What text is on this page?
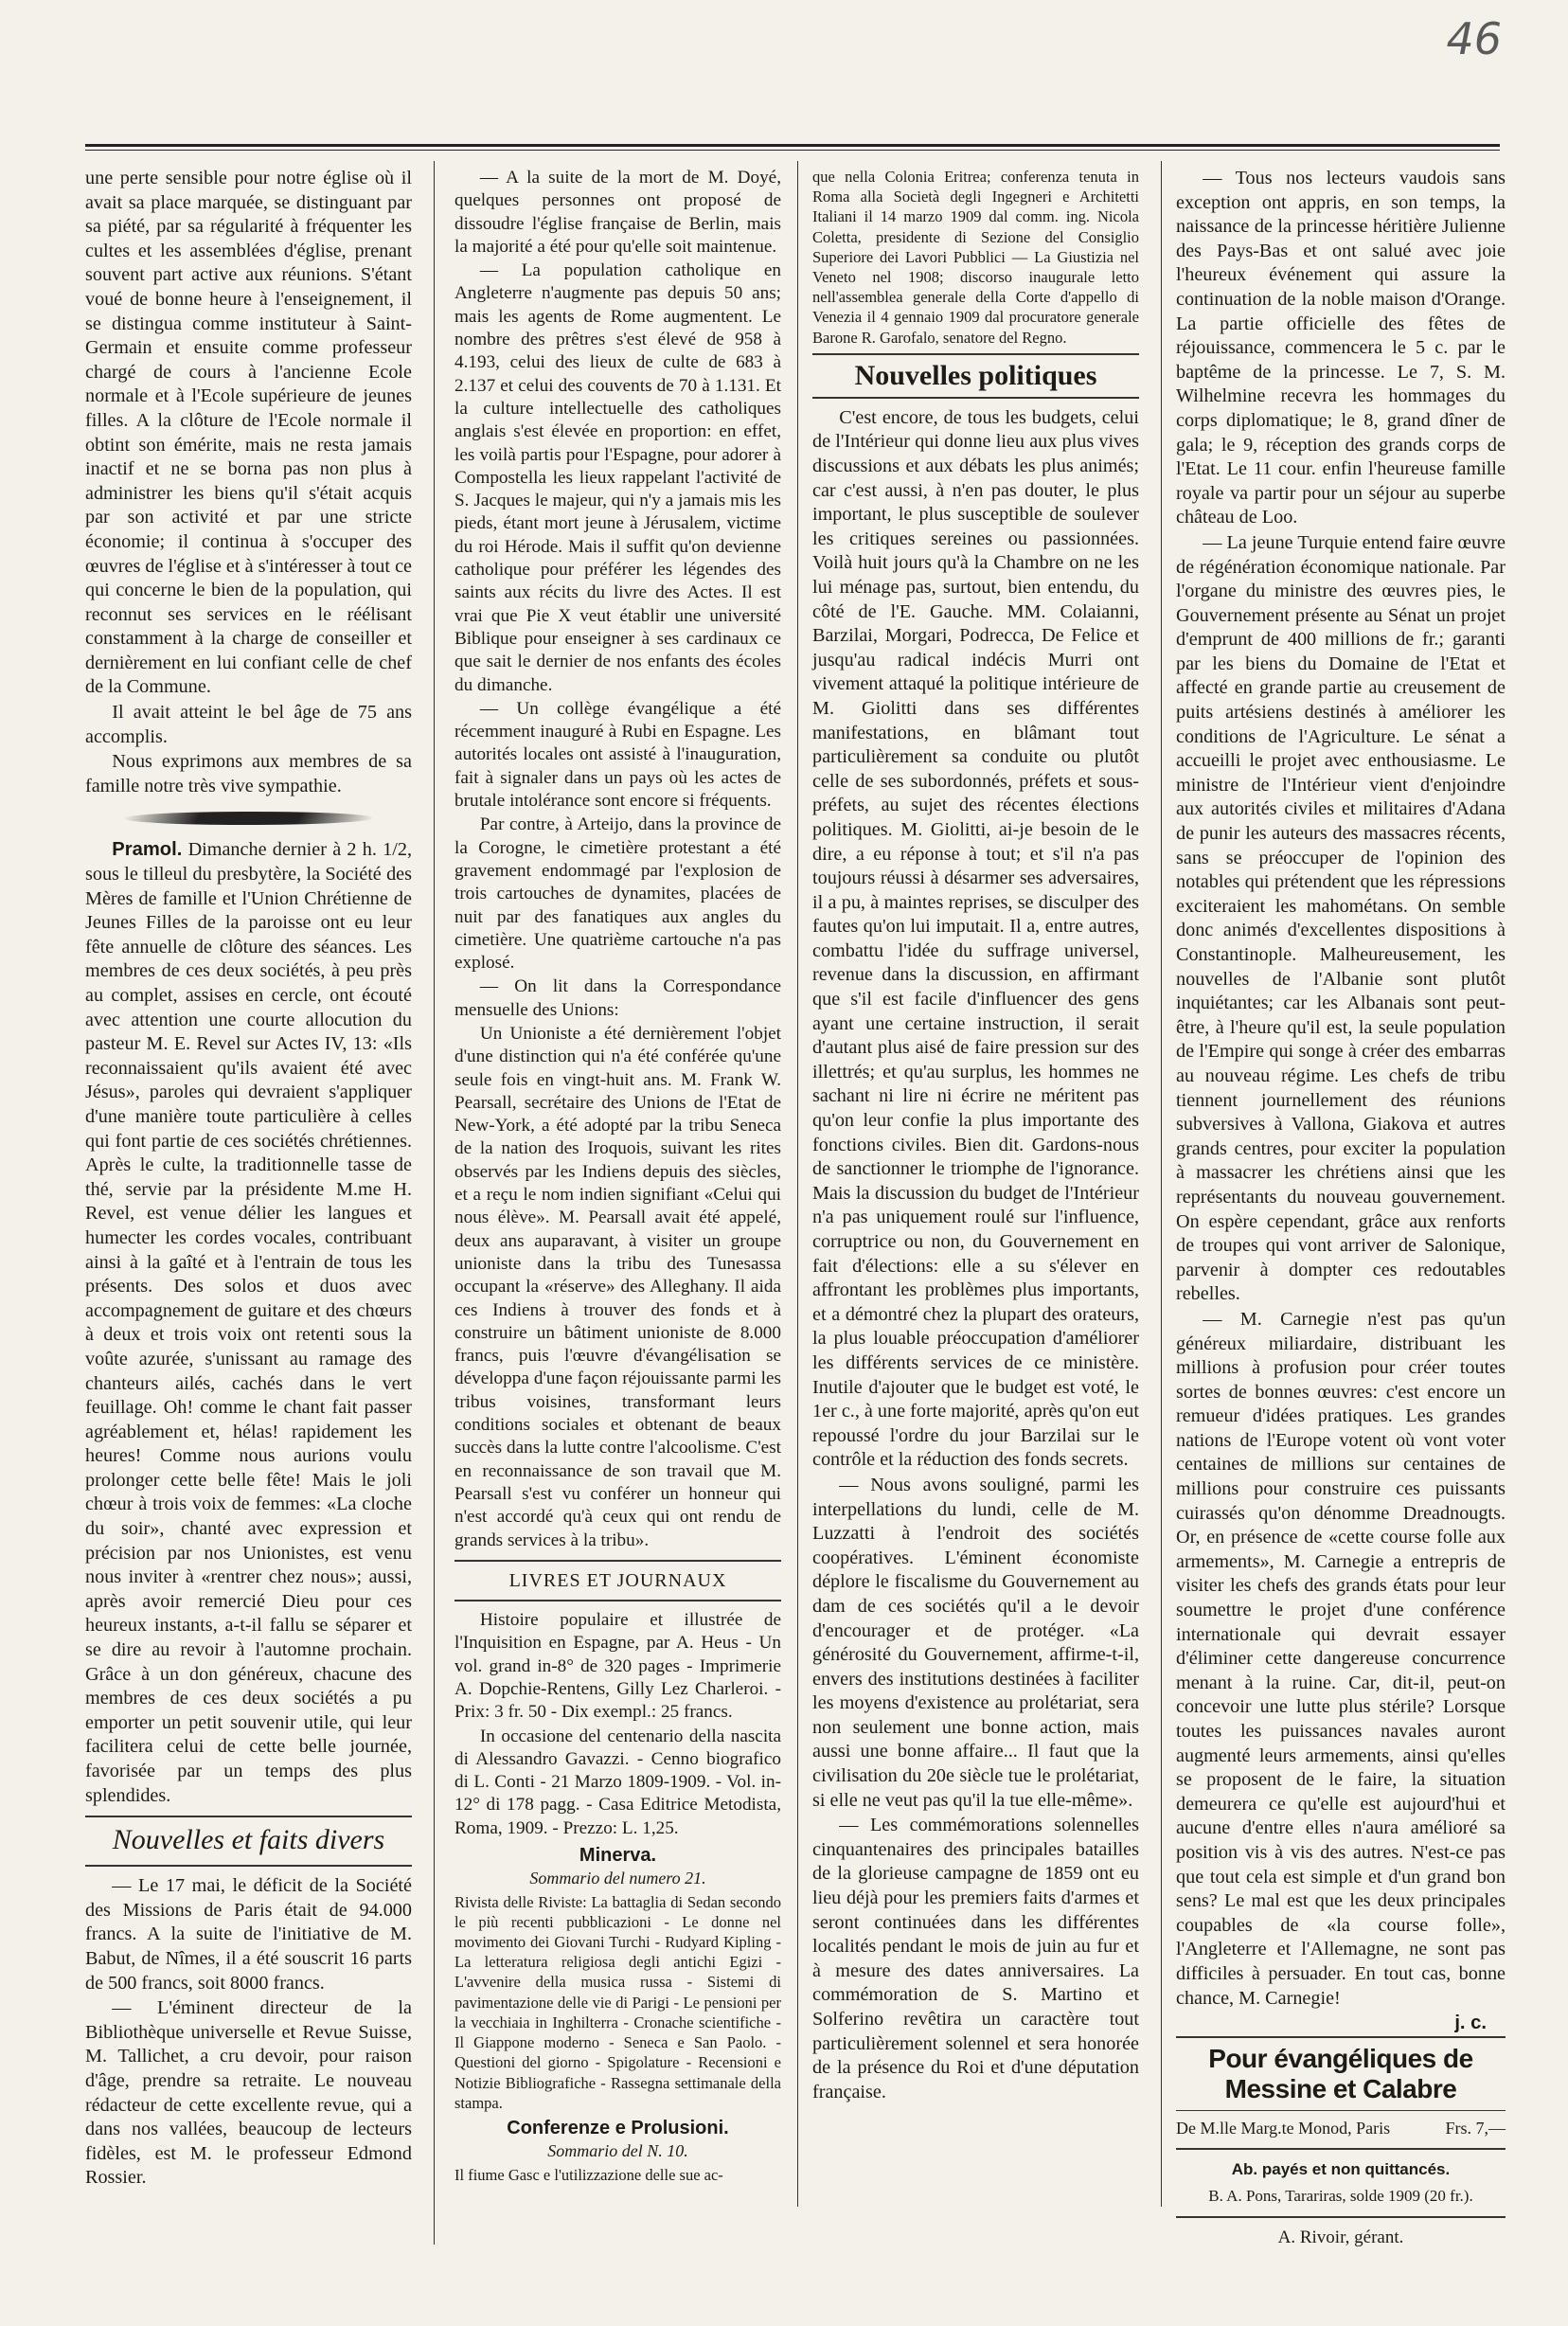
46

une perte sensible pour notre église où il avait sa place marquée, se distinguant par sa piété, par sa régularité à fréquenter les cultes et les assemblées d'église, prenant souvent part active aux réunions. S'étant voué de bonne heure à l'enseignement, il se distingua comme instituteur à Saint-Germain et ensuite comme professeur chargé de cours à l'ancienne Ecole normale et à l'Ecole supérieure de jeunes filles. A la clôture de l'Ecole normale il obtint son émérite, mais ne resta jamais inactif et ne se borna pas non plus à administrer les biens qu'il s'était acquis par son activité et par une stricte économie; il continua à s'occuper des œuvres de l'église et à s'intéresser à tout ce qui concerne le bien de la population, qui reconnut ses services en le réélisant constamment à la charge de conseiller et dernièrement en lui confiant celle de chef de la Commune.

Il avait atteint le bel âge de 75 ans accomplis.

Nous exprimons aux membres de sa famille notre très vive sympathie.

Pramol. Dimanche dernier à 2 h. 1/2, sous le tilleul du presbytère, la Société des Mères de famille et l'Union Chrétienne de Jeunes Filles de la paroisse ont eu leur fête annuelle de clôture des séances. Les membres de ces deux sociétés, à peu près au complet, assises en cercle, ont écouté avec attention une courte allocution du pasteur M. E. Revel sur Actes IV, 13: «Ils reconnaissaient qu'ils avaient été avec Jésus», paroles qui devraient s'appliquer d'une manière toute particulière à celles qui font partie de ces sociétés chrétiennes. Après le culte, la traditionnelle tasse de thé, servie par la présidente M.me H. Revel, est venue délier les langues et humecter les cordes vocales, contribuant ainsi à la gaîté et à l'entrain de tous les présents. Des solos et duos avec accompagnement de guitare et des chœurs à deux et trois voix ont retenti sous la voûte azurée, s'unissant au ramage des chanteurs ailés, cachés dans le vert feuillage. Oh! comme le chant fait passer agréablement et, hélas! rapidement les heures! Comme nous aurions voulu prolonger cette belle fête! Mais le joli chœur à trois voix de femmes: «La cloche du soir», chanté avec expression et précision par nos Unionistes, est venu nous inviter à «rentrer chez nous»; aussi, après avoir remercié Dieu pour ces heureux instants, a-t-il fallu se séparer et se dire au revoir à l'automne prochain. Grâce à un don généreux, chacune des membres de ces deux sociétés a pu emporter un petit souvenir utile, qui leur facilitera celui de cette belle journée, favorisée par un temps des plus splendides.

Nouvelles et faits divers

— Le 17 mai, le déficit de la Société des Missions de Paris était de 94.000 francs. A la suite de l'initiative de M. Babut, de Nîmes, il a été souscrit 16 parts de 500 francs, soit 8000 francs.

— L'éminent directeur de la Bibliothèque universelle et Revue Suisse, M. Tallichet, a cru devoir, pour raison d'âge, prendre sa retraite. Le nouveau rédacteur de cette excellente revue, qui a dans nos vallées, beaucoup de lecteurs fidèles, est M. le professeur Edmond Rossier.

— A la suite de la mort de M. Doyé, quelques personnes ont proposé de dissoudre l'église française de Berlin, mais la majorité a été pour qu'elle soit maintenue.

— La population catholique en Angleterre n'augmente pas depuis 50 ans; mais les agents de Rome augmentent. Le nombre des prêtres s'est élevé de 958 à 4.193, celui des lieux de culte de 683 à 2.137 et celui des couvents de 70 à 1.131. Et la culture intellectuelle des catholiques anglais s'est élevée en proportion: en effet, les voilà partis pour l'Espagne, pour adorer à Compostella les lieux rappelant l'activité de S. Jacques le majeur, qui n'y a jamais mis les pieds, étant mort jeune à Jérusalem, victime du roi Hérode. Mais il suffit qu'on devienne catholique pour préférer les légendes des saints aux récits du livre des Actes. Il est vrai que Pie X veut établir une université Biblique pour enseigner à ses cardinaux ce que sait le dernier de nos enfants des écoles du dimanche.

— Un collège évangélique a été récemment inauguré à Rubi en Espagne. Les autorités locales ont assisté à l'inauguration, fait à signaler dans un pays où les actes de brutale intolérance sont encore si fréquents.

Par contre, à Arteijo, dans la province de la Corogne, le cimetière protestant a été gravement endommagé par l'explosion de trois cartouches de dynamites, placées de nuit par des fanatiques aux angles du cimetière. Une quatrième cartouche n'a pas explosé.

— On lit dans la Correspondance mensuelle des Unions:

Un Unioniste a été dernièrement l'objet d'une distinction qui n'a été conférée qu'une seule fois en vingt-huit ans. M. Frank W. Pearsall, secrétaire des Unions de l'Etat de New-York, a été adopté par la tribu Seneca de la nation des Iroquois, suivant les rites observés par les Indiens depuis des siècles, et a reçu le nom indien signifiant «Celui qui nous élève». M. Pearsall avait été appelé, deux ans auparavant, à visiter un groupe unioniste dans la tribu des Tunesassa occupant la «réserve» des Alleghany. Il aida ces Indiens à trouver des fonds et à construire un bâtiment unioniste de 8.000 francs, puis l'œuvre d'évangélisation se développa d'une façon réjouissante parmi les tribus voisines, transformant leurs conditions sociales et obtenant de beaux succès dans la lutte contre l'alcoolisme. C'est en reconnaissance de son travail que M. Pearsall s'est vu conférer un honneur qui n'est accordé qu'à ceux qui ont rendu de grands services à la tribu».

LIVRES ET JOURNAUX

Histoire populaire et illustrée de l'Inquisition en Espagne, par A. Heus - Un vol. grand in-8° de 320 pages - Imprimerie A. Dopchie-Rentens, Gilly Lez Charleroi. - Prix: 3 fr. 50 - Dix exempl.: 25 francs.

In occasione del centenario della nascita di Alessandro Gavazzi. - Cenno biografico di L. Conti - 21 Marzo 1809-1909. - Vol. in-12° di 178 pagg. - Casa Editrice Metodista, Roma, 1909. - Prezzo: L. 1,25.

Minerva.
Sommario del numero 21.

Rivista delle Riviste: La battaglia di Sedan secondo le più recenti pubblicazioni - Le donne nel movimento dei Giovani Turchi - Rudyard Kipling - La letteratura religiosa degli antichi Egizi - L'avvenire della musica russa - Sistemi di pavimentazione delle vie di Parigi - Le pensioni per la vecchiaia in Inghilterra - Cronache scientifiche - Il Giappone moderno - Seneca e San Paolo. - Questioni del giorno - Spigolature - Recensioni e Notizie Bibliografiche - Rassegna settimanale della stampa.

Conferenze e Prolusioni.
Sommario del N. 10.

Il fiume Gasc e l'utilizzazione delle sue ac-

que nella Colonia Eritrea; conferenza tenuta in Roma alla Società degli Ingegneri e Architetti Italiani il 14 marzo 1909 dal comm. ing. Nicola Coletta, presidente di Sezione del Consiglio Superiore dei Lavori Pubblici — La Giustizia nel Veneto nel 1908; discorso inaugurale letto nell'assemblea generale della Corte d'appello di Venezia il 4 gennaio 1909 dal procuratore generale Barone R. Garofalo, senatore del Regno.

Nouvelles politiques

C'est encore, de tous les budgets, celui de l'Intérieur qui donne lieu aux plus vives discussions et aux débats les plus animés; car c'est aussi, à n'en pas douter, le plus important, le plus susceptible de soulever les critiques sereines ou passionnées. Voilà huit jours qu'à la Chambre on ne les lui ménage pas, surtout, bien entendu, du côté de l'E. Gauche. MM. Colaianni, Barzilai, Morgari, Podrecca, De Felice et jusqu'au radical indécis Murri ont vivement attaqué la politique intérieure de M. Giolitti dans ses différentes manifestations, en blâmant tout particulièrement sa conduite ou plutôt celle de ses subordonnés, préfets et sous-préfets, au sujet des récentes élections politiques. M. Giolitti, ai-je besoin de le dire, a eu réponse à tout; et s'il n'a pas toujours réussi à désarmer ses adversaires, il a pu, à maintes reprises, se disculper des fautes qu'on lui imputait. Il a, entre autres, combattu l'idée du suffrage universel, revenue dans la discussion, en affirmant que s'il est facile d'influencer des gens ayant une certaine instruction, il serait d'autant plus aisé de faire pression sur des illettrés; et qu'au surplus, les hommes ne sachant ni lire ni écrire ne méritent pas qu'on leur confie la plus importante des fonctions civiles. Bien dit. Gardons-nous de sanctionner le triomphe de l'ignorance. Mais la discussion du budget de l'Intérieur n'a pas uniquement roulé sur l'influence, corruptrice ou non, du Gouvernement en fait d'élections: elle a su s'élever en affrontant les problèmes plus importants, et a démontré chez la plupart des orateurs, la plus louable préoccupation d'améliorer les différents services de ce ministère. Inutile d'ajouter que le budget est voté, le 1er c., à une forte majorité, après qu'on eut repoussé l'ordre du jour Barzilai sur le contrôle et la réduction des fonds secrets.

— Nous avons souligné, parmi les interpellations du lundi, celle de M. Luzzatti à l'endroit des sociétés coopératives. L'éminent économiste déplore le fiscalisme du Gouvernement au dam de ces sociétés qu'il a le devoir d'encourager et de protéger. «La générosité du Gouvernement, affirme-t-il, envers des institutions destinées à faciliter les moyens d'existence au prolétariat, sera non seulement une bonne action, mais aussi une bonne affaire... Il faut que la civilisation du 20e siècle tue le prolétariat, si elle ne veut pas qu'il la tue elle-même».

— Les commémorations solennelles cinquantenaires des principales batailles de la glorieuse campagne de 1859 ont eu lieu déjà pour les premiers faits d'armes et seront continuées dans les différentes localités pendant le mois de juin au fur et à mesure des dates anniversaires. La commémoration de S. Martino et Solferino revêtira un caractère tout particulièrement solennel et sera honorée de la présence du Roi et d'une députation française.

— Tous nos lecteurs vaudois sans exception ont appris, en son temps, la naissance de la princesse héritière Julienne des Pays-Bas et ont salué avec joie l'heureux événement qui assure la continuation de la noble maison d'Orange. La partie officielle des fêtes de réjouissance, commencera le 5 c. par le baptême de la princesse. Le 7, S. M. Wilhelmine recevra les hommages du corps diplomatique; le 8, grand dîner de gala; le 9, réception des grands corps de l'Etat. Le 11 cour. enfin l'heureuse famille royale va partir pour un séjour au superbe château de Loo.

— La jeune Turquie entend faire œuvre de régénération économique nationale. Par l'organe du ministre des œuvres pies, le Gouvernement présente au Sénat un projet d'emprunt de 400 millions de fr.; garanti par les biens du Domaine de l'Etat et affecté en grande partie au creusement de puits artésiens destinés à améliorer les conditions de l'Agriculture. Le sénat a accueilli le projet avec enthousiasme. Le ministre de l'Intérieur vient d'enjoindre aux autorités civiles et militaires d'Adana de punir les auteurs des massacres récents, sans se préoccuper de l'opinion des notables qui prétendent que les répressions exciteraient les mahométans. On semble donc animés d'excellentes dispositions à Constantinople. Malheureusement, les nouvelles de l'Albanie sont plutôt inquiétantes; car les Albanais sont peut-être, à l'heure qu'il est, la seule population de l'Empire qui songe à créer des embarras au nouveau régime. Les chefs de tribu tiennent journellement des réunions subversives à Vallona, Giakova et autres grands centres, pour exciter la population à massacrer les chrétiens ainsi que les représentants du nouveau gouvernement. On espère cependant, grâce aux renforts de troupes qui vont arriver de Salonique, parvenir à dompter ces redoutables rebelles.

— M. Carnegie n'est pas qu'un généreux miliardaire, distribuant les millions à profusion pour créer toutes sortes de bonnes œuvres: c'est encore un remueur d'idées pratiques. Les grandes nations de l'Europe votent où vont voter centaines de millions sur centaines de millions pour construire ces puissants cuirassés qu'on dénomme Dreadnougts. Or, en présence de «cette course folle aux armements», M. Carnegie a entrepris de visiter les chefs des grands états pour leur soumettre le projet d'une conférence internationale qui devrait essayer d'éliminer cette dangereuse concurrence menant à la ruine. Car, dit-il, peut-on concevoir une lutte plus stérile? Lorsque toutes les puissances navales auront augmenté leurs armements, ainsi qu'elles se proposent de le faire, la situation demeurera ce qu'elle est aujourd'hui et aucune d'entre elles n'aura amélioré sa position vis à vis des autres. N'est-ce pas que tout cela est simple et d'un grand bon sens? Le mal est que les deux principales coupables de «la course folle», l'Angleterre et l'Allemagne, ne sont pas difficiles à persuader. En tout cas, bonne chance, M. Carnegie!

j. c.
Pour évangéliques de Messine et Calabre
De M.lle Marg.te Monod, Paris	Frs. 7,—
Ab. payés et non quittancés.
B. A. Pons, Tarariras, solde 1909 (20 fr.).
A. Rivoir, gérant.
